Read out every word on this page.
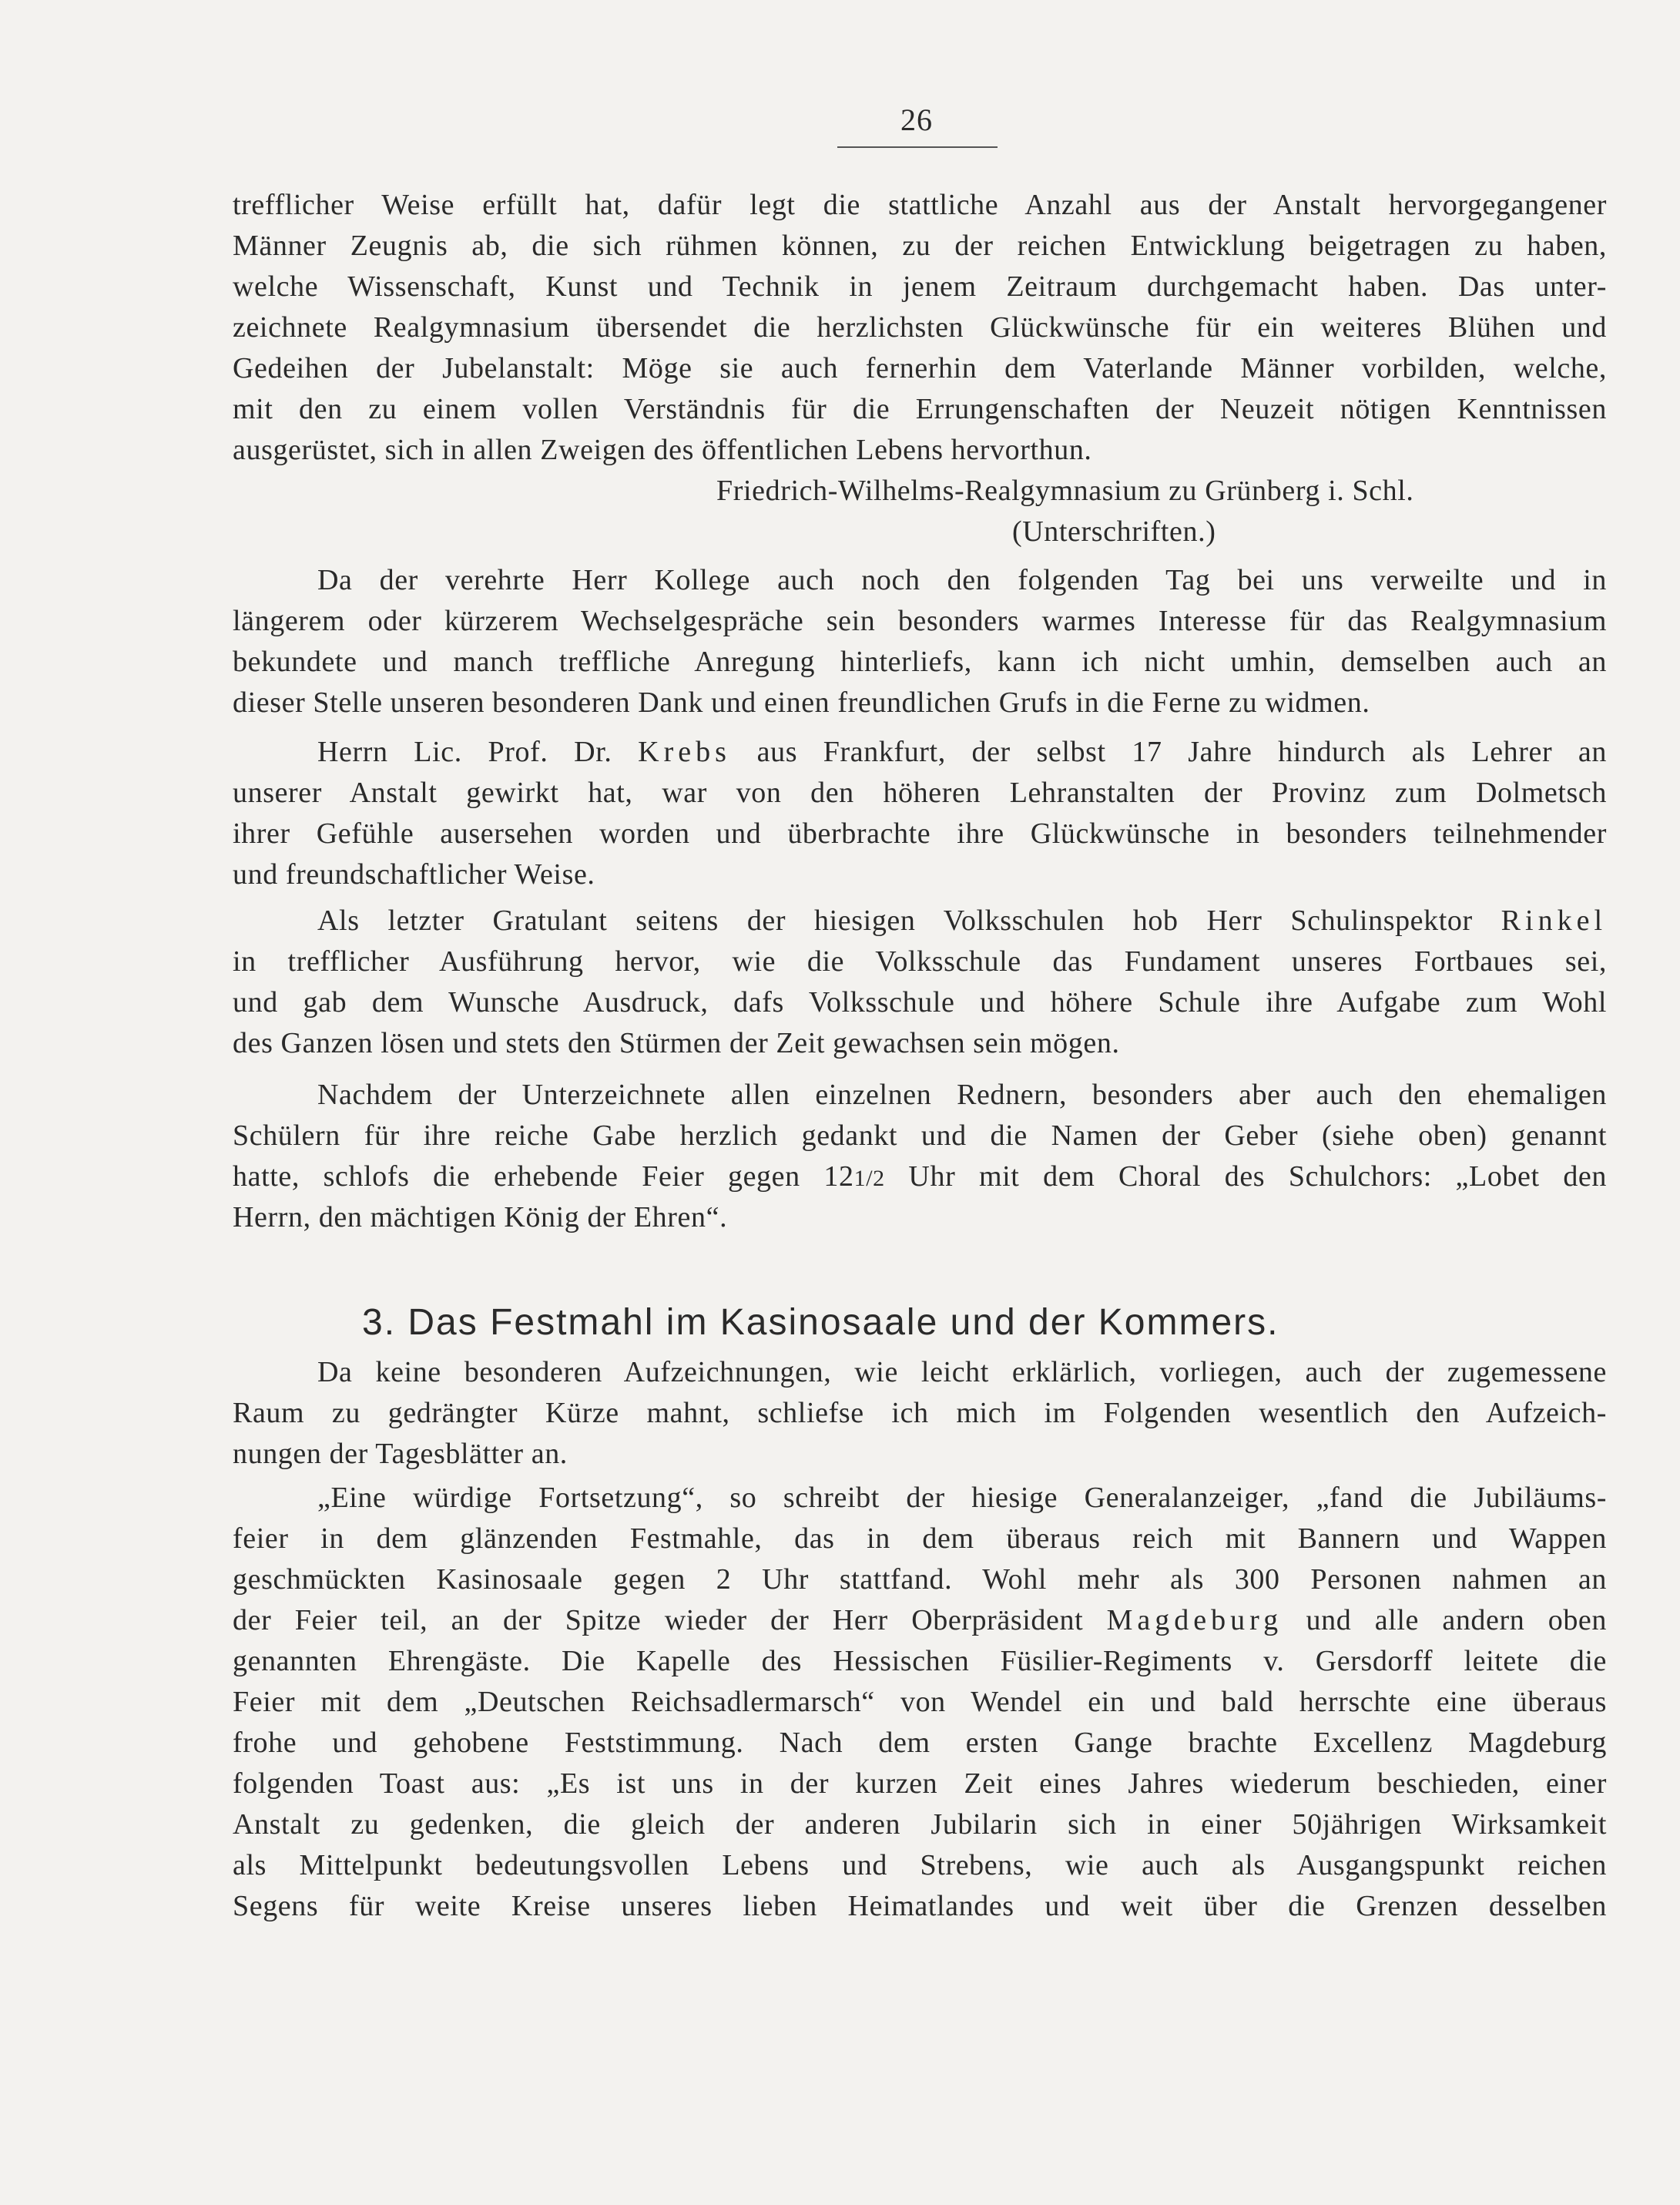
26
trefflicher Weise erfüllt hat, dafür legt die stattliche Anzahl aus der Anstalt hervorgegangener
Männer Zeugnis ab, die sich rühmen können, zu der reichen Entwicklung beigetragen zu haben,
welche Wissenschaft, Kunst und Technik in jenem Zeitraum durchgemacht haben. Das unter-
zeichnete Realgymnasium übersendet die herzlichsten Glückwünsche für ein weiteres Blühen und
Gedeihen der Jubelanstalt: Möge sie auch fernerhin dem Vaterlande Männer vorbilden, welche,
mit den zu einem vollen Verständnis für die Errungenschaften der Neuzeit nötigen Kenntnissen
ausgerüstet, sich in allen Zweigen des öffentlichen Lebens hervorthun.
Friedrich-Wilhelms-Realgymnasium zu Grünberg i. Schl.
(Unterschriften.)
Da der verehrte Herr Kollege auch noch den folgenden Tag bei uns verweilte und in
längerem oder kürzerem Wechselgespräche sein besonders warmes Interesse für das Realgymnasium
bekundete und manch treffliche Anregung hinterliefs, kann ich nicht umhin, demselben auch an
dieser Stelle unseren besonderen Dank und einen freundlichen Grufs in die Ferne zu widmen.
Herrn Lic. Prof. Dr. Krebs aus Frankfurt, der selbst 17 Jahre hindurch als Lehrer an
unserer Anstalt gewirkt hat, war von den höheren Lehranstalten der Provinz zum Dolmetsch
ihrer Gefühle ausersehen worden und überbrachte ihre Glückwünsche in besonders teilnehmender
und freundschaftlicher Weise.
Als letzter Gratulant seitens der hiesigen Volksschulen hob Herr Schulinspektor Rinkel
in trefflicher Ausführung hervor, wie die Volksschule das Fundament unseres Fortbaues sei,
und gab dem Wunsche Ausdruck, dafs Volksschule und höhere Schule ihre Aufgabe zum Wohl
des Ganzen lösen und stets den Stürmen der Zeit gewachsen sein mögen.
Nachdem der Unterzeichnete allen einzelnen Rednern, besonders aber auch den ehemaligen
Schülern für ihre reiche Gabe herzlich gedankt und die Namen der Geber (siehe oben) genannt
hatte, schlofs die erhebende Feier gegen 121/2 Uhr mit dem Choral des Schulchors: „Lobet den
Herrn, den mächtigen König der Ehren“.
3. Das Festmahl im Kasinosaale und der Kommers.
Da keine besonderen Aufzeichnungen, wie leicht erklärlich, vorliegen, auch der zugemessene
Raum zu gedrängter Kürze mahnt, schliefse ich mich im Folgenden wesentlich den Aufzeich-
nungen der Tagesblätter an.
„Eine würdige Fortsetzung“, so schreibt der hiesige Generalanzeiger, „fand die Jubiläums-
feier in dem glänzenden Festmahle, das in dem überaus reich mit Bannern und Wappen
geschmückten Kasinosaale gegen 2 Uhr stattfand. Wohl mehr als 300 Personen nahmen an
der Feier teil, an der Spitze wieder der Herr Oberpräsident Magdeburg und alle andern oben
genannten Ehrengäste. Die Kapelle des Hessischen Füsilier-Regiments v. Gersdorff leitete die
Feier mit dem „Deutschen Reichsadlermarsch“ von Wendel ein und bald herrschte eine überaus
frohe und gehobene Feststimmung. Nach dem ersten Gange brachte Excellenz Magdeburg
folgenden Toast aus: „Es ist uns in der kurzen Zeit eines Jahres wiederum beschieden, einer
Anstalt zu gedenken, die gleich der anderen Jubilarin sich in einer 50jährigen Wirksamkeit
als Mittelpunkt bedeutungsvollen Lebens und Strebens, wie auch als Ausgangspunkt reichen
Segens für weite Kreise unseres lieben Heimatlandes und weit über die Grenzen desselben
